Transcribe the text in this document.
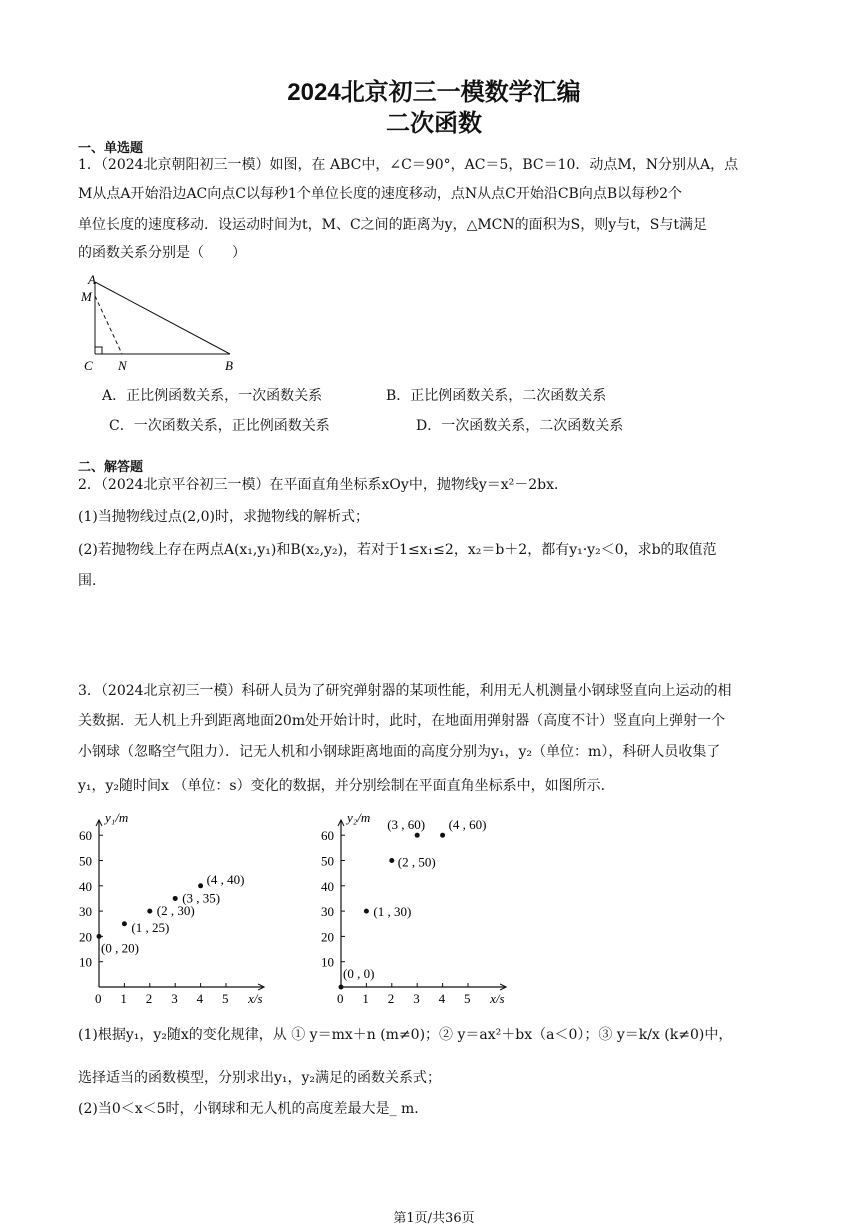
2024北京初三一模数学汇编
二次函数
一、单选题
1．（2024北京朝阳初三一模）如图，在 ABC中，∠C＝90°，AC＝5，BC＝10．动点M，N分别从A，点
M从点A开始沿边AC向点C以每秒1个单位长度的速度移动，点N从点C开始沿CB向点B以每秒2个
单位长度的速度移动．设运动时间为t，M、C之间的距离为y，△MCN的面积为S，则y与t，S与t满足
的函数关系分别是（　　）
A
M
C N	B
A．正比例函数关系，一次函数关系	B．正比例函数关系，二次函数关系
C．一次函数关系，正比例函数关系	D．一次函数关系，二次函数关系
二、解答题
2．（2024北京平谷初三一模）在平面直角坐标系xOy中，抛物线y＝x²－2bx．
(1)当抛物线过点(2,0)时，求抛物线的解析式；
(2)若抛物线上存在两点A(x₁,y₁)和B(x₂,y₂)，若对于1≤x₁≤2，x₂＝b＋2，都有y₁·y₂＜0，求b的取值范
围．
3．（2024北京初三一模）科研人员为了研究弹射器的某项性能，利用无人机测量小钢球竖直向上运动的相
关数据．无人机上升到距离地面20m处开始计时，此时，在地面用弹射器（高度不计）竖直向上弹射一个
小钢球（忽略空气阻力）．记无人机和小钢球距离地面的高度分别为y₁，y₂（单位：m），科研人员收集了
y₁，y₂随时间x （单位：s）变化的数据，并分别绘制在平面直角坐标系中，如图所示．
0 1 2 3 4 5
10
20
30
40
50
60
y₁/m
x/s
(0 , 20)
(1 , 25)
(2 , 30)
(3 , 35)
(4 , 40)
0 1 2 3 4 5
10
20
30
40
50
60
y₂/m
x/s
(0 , 0)
(1 , 30)
(2 , 50)
(3 , 60) (4 , 60)
(1)根据y₁，y₂随x的变化规律，从 ① y＝mx＋n (m≠0)；② y＝ax²＋bx（a＜0）；③ y＝k/x (k≠0)中，
选择适当的函数模型，分别求出y₁，y₂满足的函数关系式；
(2)当0＜x＜5时，小钢球和无人机的高度差最大是_ m．
第1页/共36页
